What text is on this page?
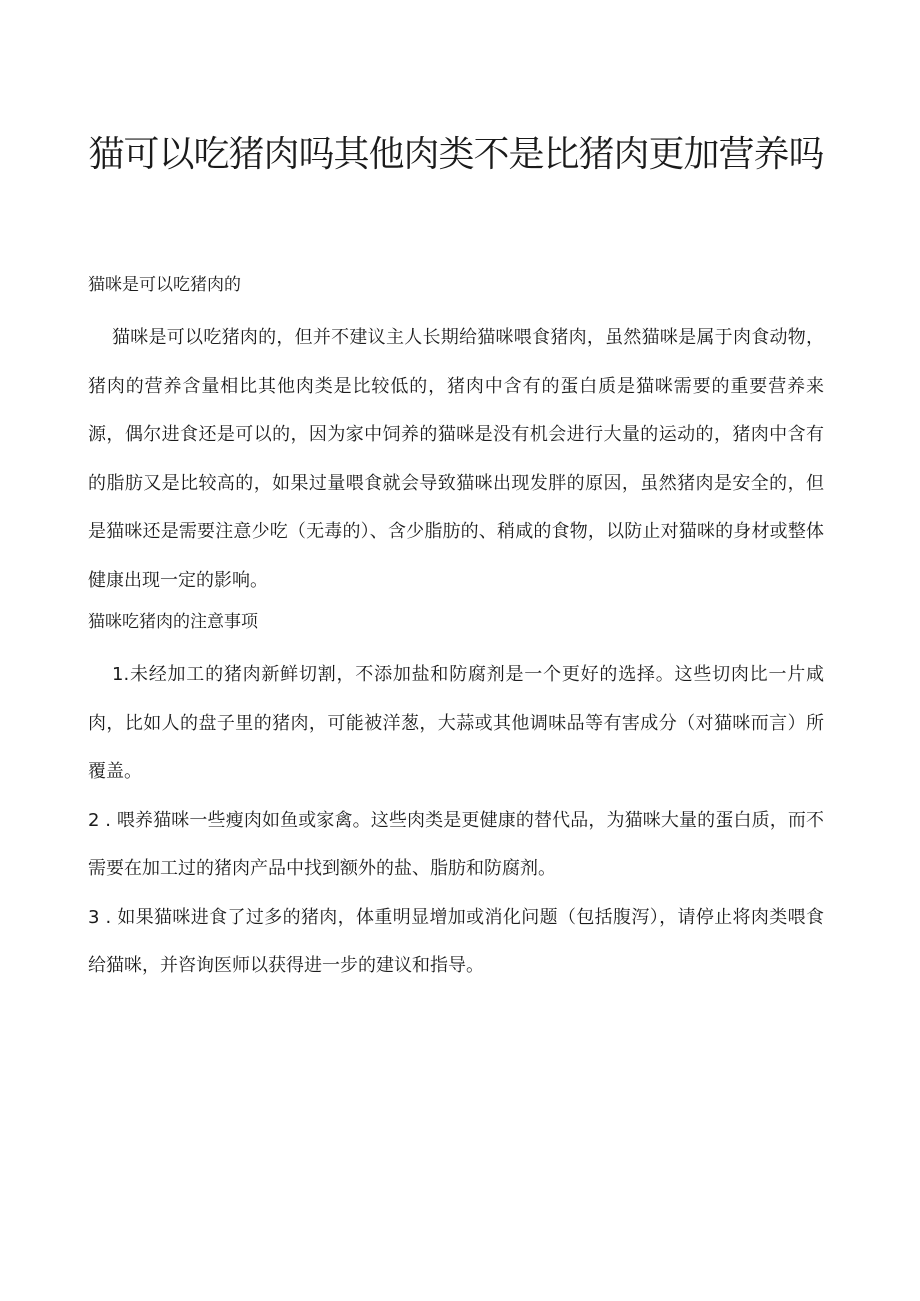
猫可以吃猪肉吗其他肉类不是比猪肉更加营养吗

猫咪是可以吃猪肉的

猫咪是可以吃猪肉的，但并不建议主人长期给猫咪喂食猪肉，虽然猫咪是属于肉食动物，猪肉的营养含量相比其他肉类是比较低的，猪肉中含有的蛋白质是猫咪需要的重要营养来源，偶尔进食还是可以的，因为家中饲养的猫咪是没有机会进行大量的运动的，猪肉中含有的脂肪又是比较高的，如果过量喂食就会导致猫咪出现发胖的原因，虽然猪肉是安全的，但是猫咪还是需要注意少吃（无毒的）、含少脂肪的、稍咸的食物，以防止对猫咪的身材或整体健康出现一定的影响。

猫咪吃猪肉的注意事项

1.未经加工的猪肉新鲜切割，不添加盐和防腐剂是一个更好的选择。这些切肉比一片咸肉，比如人的盘子里的猪肉，可能被洋葱，大蒜或其他调味品等有害成分（对猫咪而言）所覆盖。

2 . 喂养猫咪一些瘦肉如鱼或家禽。这些肉类是更健康的替代品，为猫咪大量的蛋白质，而不需要在加工过的猪肉产品中找到额外的盐、脂肪和防腐剂。

3 . 如果猫咪进食了过多的猪肉，体重明显增加或消化问题（包括腹泻），请停止将肉类喂食给猫咪，并咨询医师以获得进一步的建议和指导。
